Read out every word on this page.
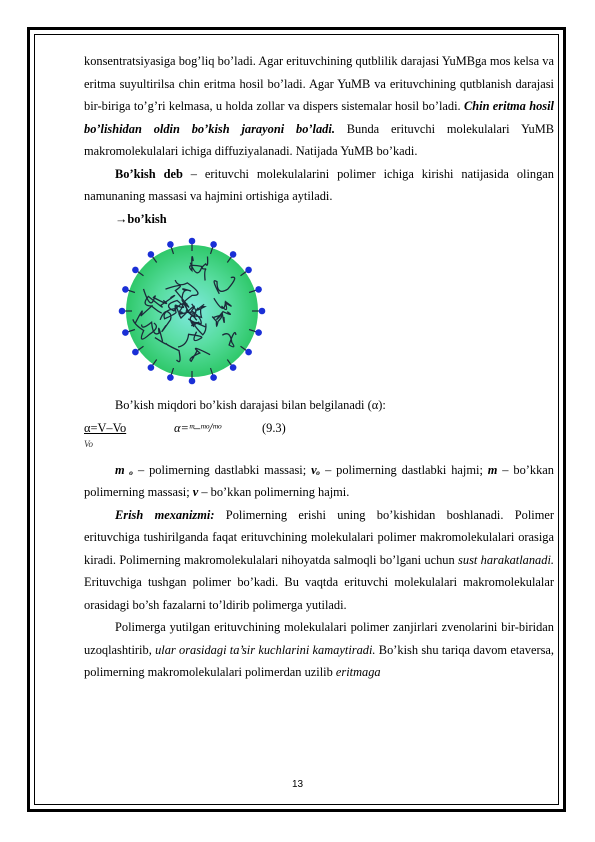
konsentratsiyasiga bog’liq bo’ladi. Agar erituvchining qutblilik darajasi YuMBga mos kelsa va eritma suyultirilsa chin eritma hosil bo’ladi. Agar YuMB va erituvchining qutblanish darajasi bir-biriga to’g’ri kelmasa, u holda zollar va dispers sistemalar hosil bo’ladi. Chin eritma hosil bo’lishidan oldin bo’kish jarayoni bo’ladi. Bunda erituvchi molekulalari YuMB makromolekulalari ichiga diffuziyalanadi. Natijada YuMB bo’kadi.

Bo’kish deb – erituvchi molekulalarini polimer ichiga kirishi natijasida olingan namunaning massasi va hajmini ortishiga aytiladi.

→bo’kish

Bo’kish miqdori bo’kish darajasi bilan belgilanadi (α):

α=V–Vo	α=ᵐ–ᵐᵒ/ᵐᵒ	(9.3)
Vo

m ₒ – polimerning dastlabki massasi; vₒ – polimerning dastlabki hajmi; m – bo’kkan polimerning massasi; v – bo’kkan polimerning hajmi.

Erish mexanizmi: Polimerning erishi uning bo’kishidan boshlanadi. Polimer erituvchiga tushirilganda faqat erituvchining molekulalari polimer makromolekulalari orasiga kiradi. Polimerning makromolekulalari nihoyatda salmoqli bo’lgani uchun sust harakatlanadi. Erituvchiga tushgan polimer bo’kadi. Bu vaqtda erituvchi molekulalari makromolekulalar orasidagi bo’sh fazalarni to’ldirib polimerga yutiladi.

Polimerga yutilgan erituvchining molekulalari polimer zanjirlari zvenolarini bir-biridan uzoqlashtirib, ular orasidagi ta’sir kuchlarini kamaytiradi. Bo’kish shu tariqa davom etaversa, polimerning makromolekulalari polimerdan uzilib eritmaga

13
